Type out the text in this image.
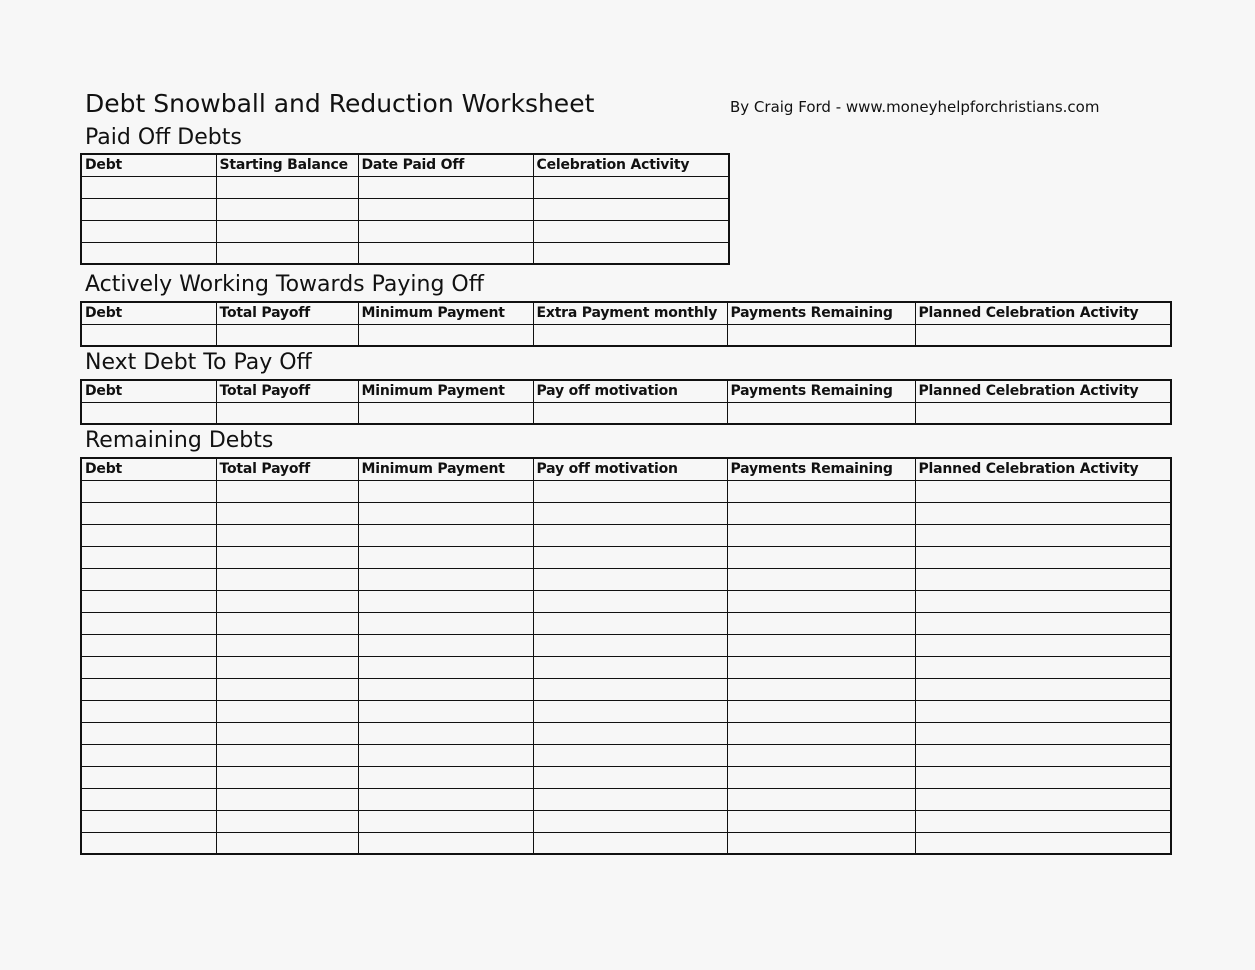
Debt Snowball and Reduction Worksheet	By Craig Ford - www.moneyhelpforchristians.com
Paid Off Debts
Debt	Starting Balance	Date Paid Off	Celebration Activity

Actively Working Towards Paying Off
Debt	Total Payoff	Minimum Payment	Extra Payment monthly	Payments Remaining	Planned Celebration Activity

Next Debt To Pay Off
Debt	Total Payoff	Minimum Payment	Pay off motivation	Payments Remaining	Planned Celebration Activity

Remaining Debts
Debt	Total Payoff	Minimum Payment	Pay off motivation	Payments Remaining	Planned Celebration Activity
